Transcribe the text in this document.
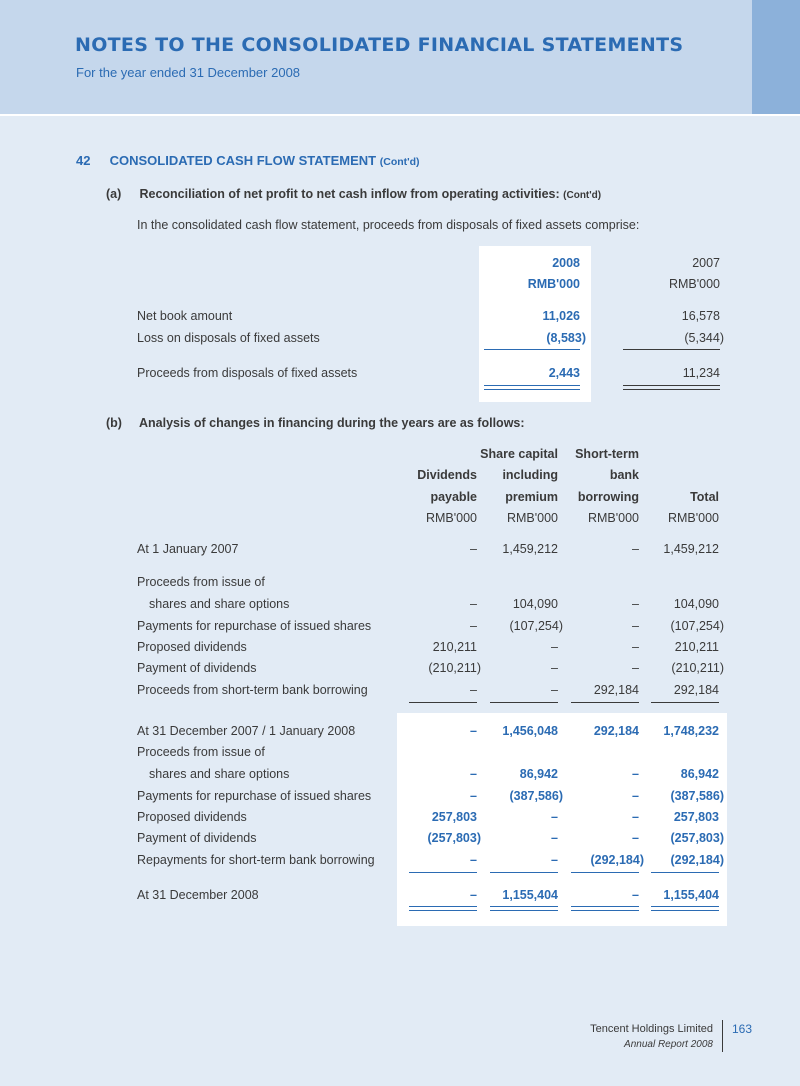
NOTES TO THE CONSOLIDATED FINANCIAL STATEMENTS
For the year ended 31 December 2008
42 CONSOLIDATED CASH FLOW STATEMENT (Cont'd)
(a) Reconciliation of net profit to net cash inflow from operating activities: (Cont'd)
In the consolidated cash flow statement, proceeds from disposals of fixed assets comprise:
2008
RMB'000
2007
RMB'000
Net book amount	11,026	16,578
Loss on disposals of fixed assets	(8,583)	(5,344)
Proceeds from disposals of fixed assets	2,443	11,234
(b) Analysis of changes in financing during the years are as follows:
Share capital	Short-term
Dividends	including	bank
payable	premium	borrowing	Total
RMB'000	RMB'000	RMB'000	RMB'000
At 1 January 2007	–	1,459,212	–	1,459,212
Proceeds from issue of
shares and share options	–	104,090	–	104,090
Payments for repurchase of issued shares	–	(107,254)	–	(107,254)
Proposed dividends	210,211	–	–	210,211
Payment of dividends	(210,211)	–	–	(210,211)
Proceeds from short-term bank borrowing	–	–	292,184	292,184
At 31 December 2007 / 1 January 2008	–	1,456,048	292,184	1,748,232
Proceeds from issue of
shares and share options	–	86,942	–	86,942
Payments for repurchase of issued shares	–	(387,586)	–	(387,586)
Proposed dividends	257,803	–	–	257,803
Payment of dividends	(257,803)	–	–	(257,803)
Repayments for short-term bank borrowing	–	–	(292,184)	(292,184)
At 31 December 2008	–	1,155,404	–	1,155,404
Tencent Holdings Limited
Annual Report 2008
163
